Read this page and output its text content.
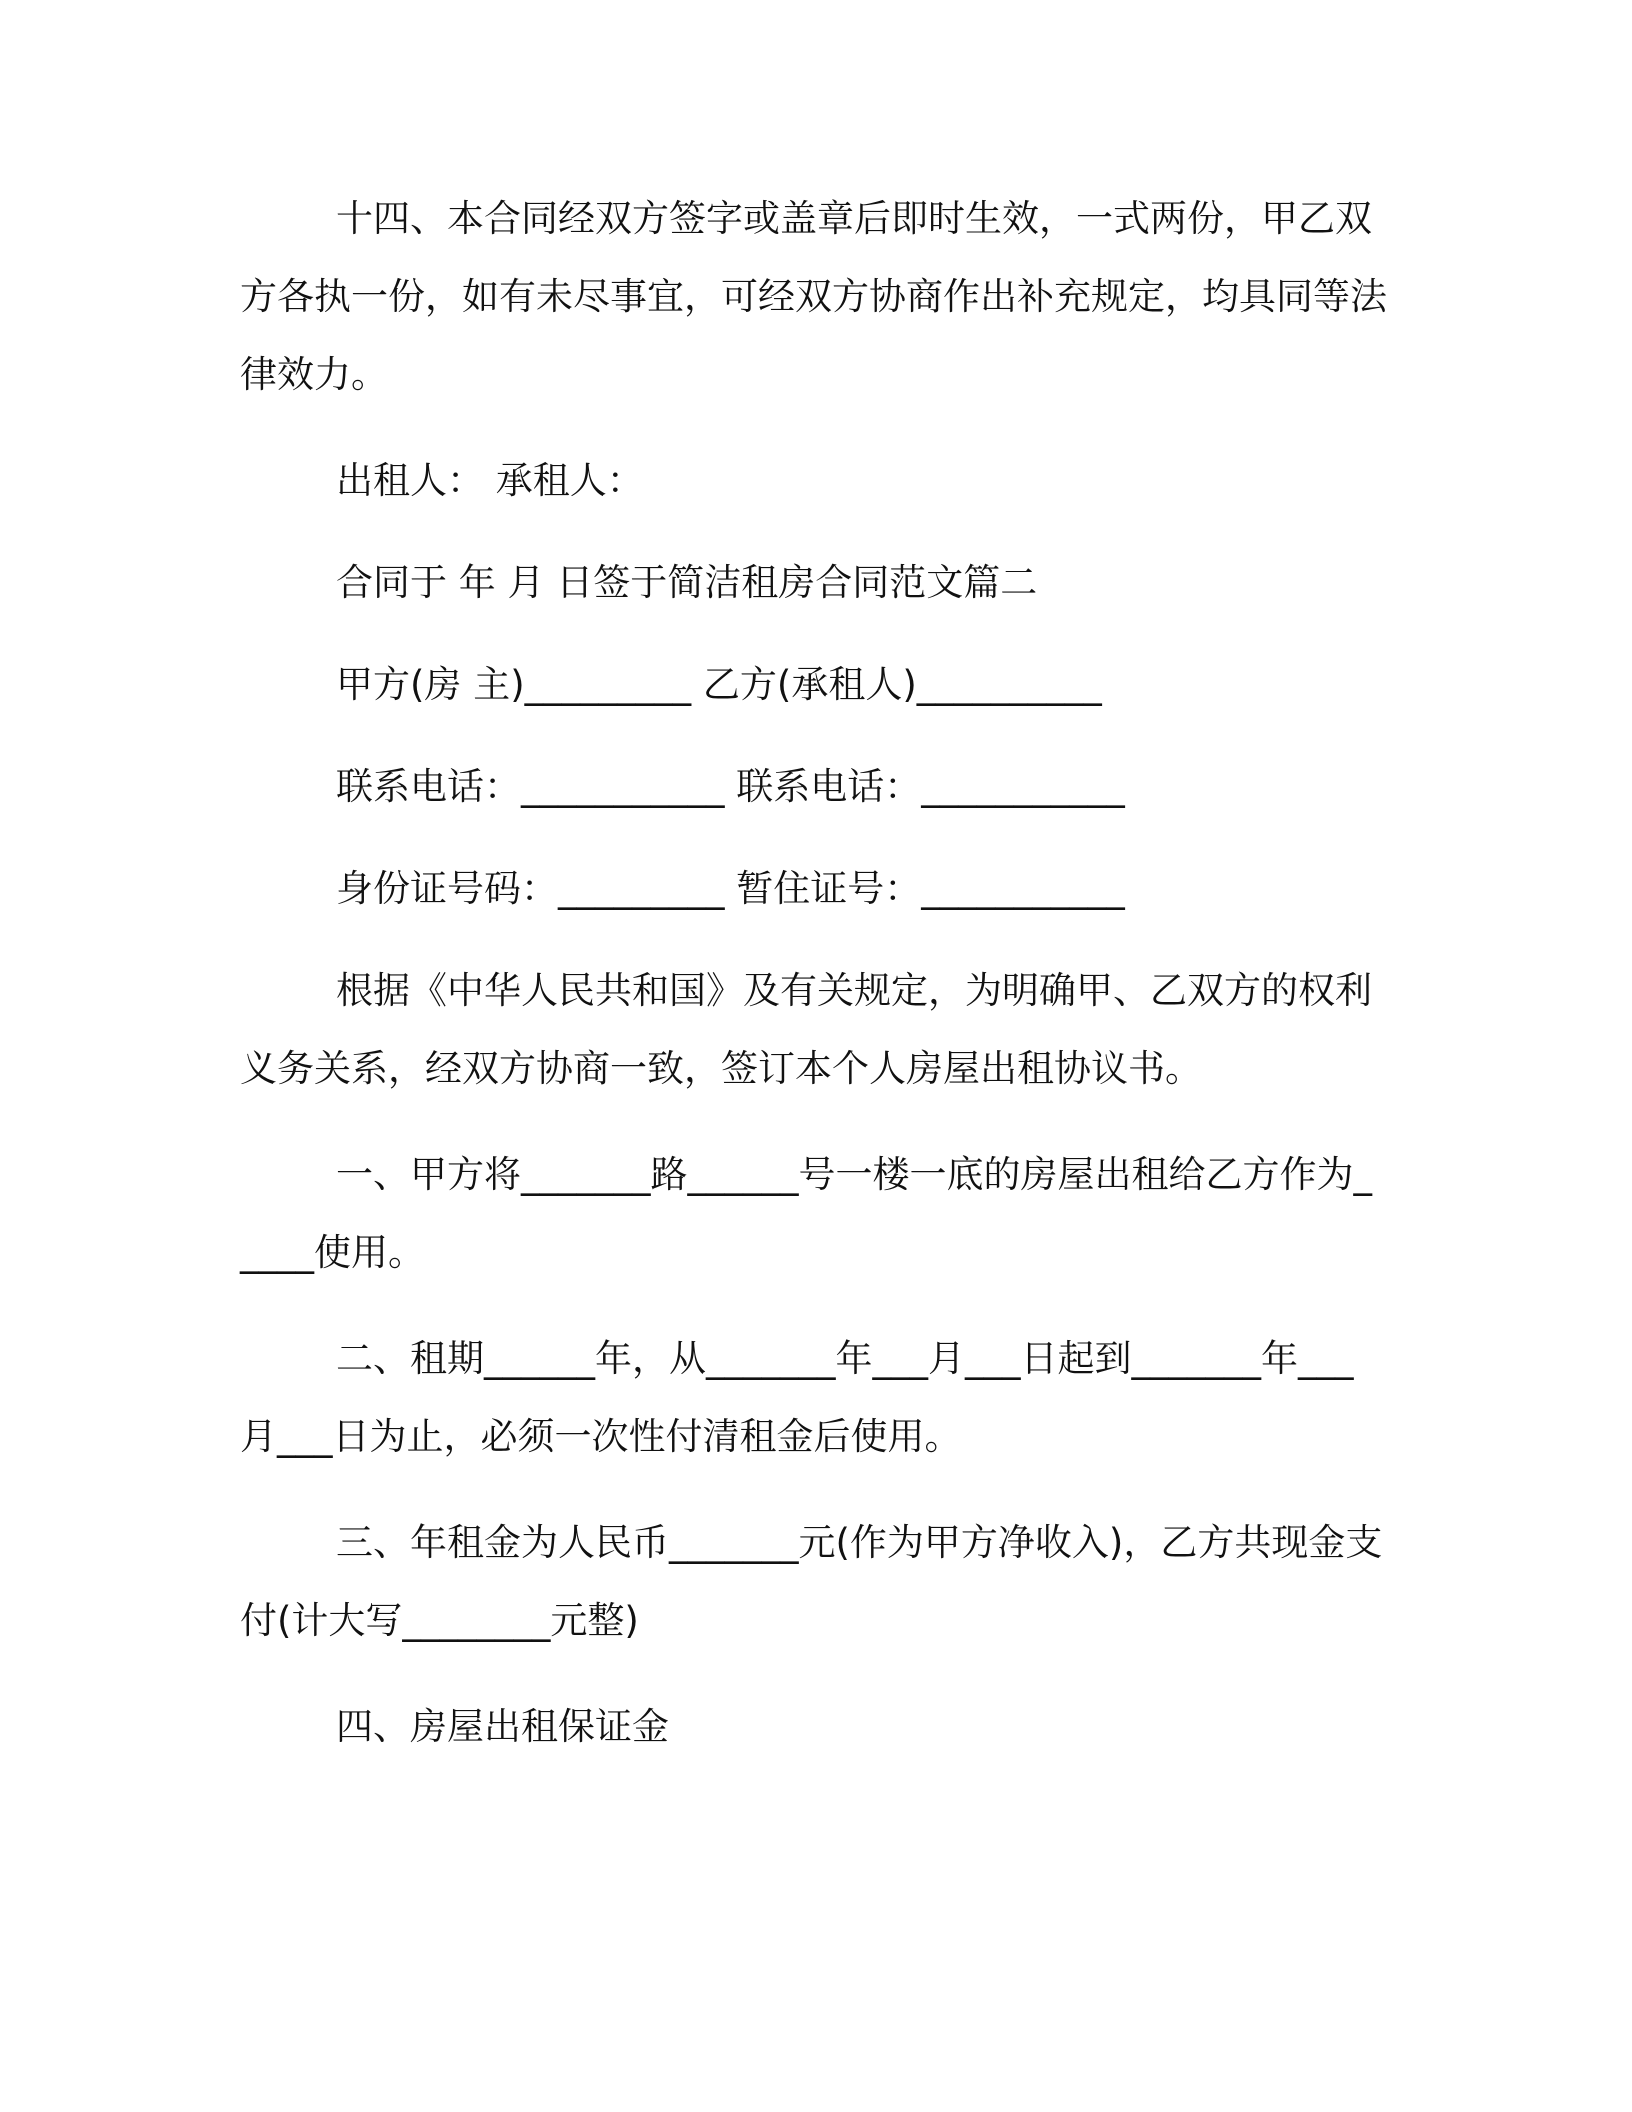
十四、本合同经双方签字或盖章后即时生效，一式两份，甲乙双方各执一份，如有未尽事宜，可经双方协商作出补充规定，均具同等法律效力。

出租人： 承租人：

合同于 年 月 日签于简洁租房合同范文篇二

甲方(房 主)_________ 乙方(承租人)__________

联系电话：___________ 联系电话：___________

身份证号码：_________ 暂住证号：___________

根据《中华人民共和国》及有关规定，为明确甲、乙双方的权利义务关系，经双方协商一致，签订本个人房屋出租协议书。

一、甲方将_______路______号一楼一底的房屋出租给乙方作为_____使用。

二、租期______年，从_______年___月___日起到_______年___月___日为止，必须一次性付清租金后使用。

三、年租金为人民币_______元(作为甲方净收入)，乙方共现金支付(计大写________元整)

四、房屋出租保证金
